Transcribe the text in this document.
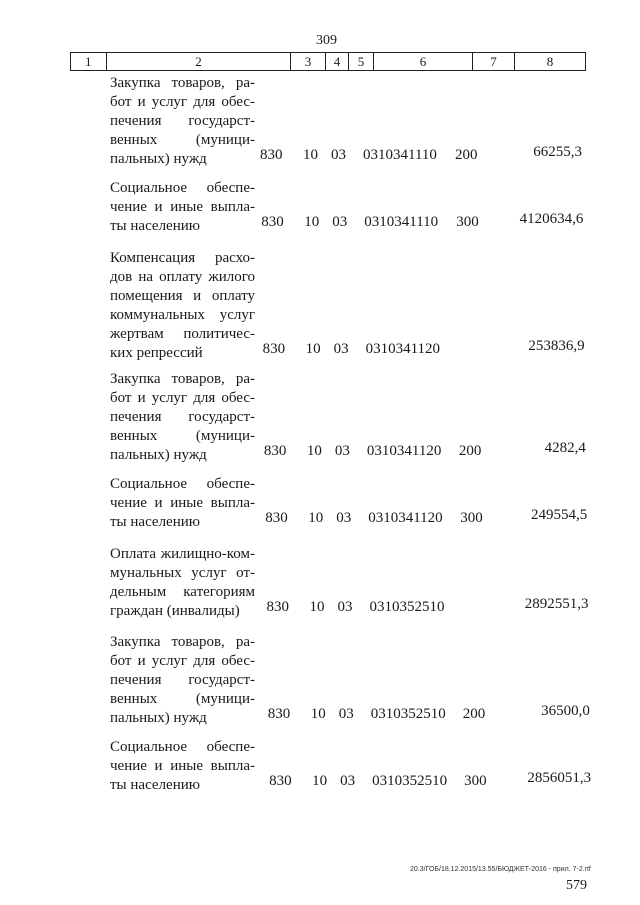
309
1	2	3	4	5	6	7	8
Закупка товаров, ра-
бот и услуг для обес-
печения государст-
венных (муници-
пальных) нужд	830 10 03 0310341110 200	66255,3
Социальное обеспе-
чение и иные выпла-
ты населению	830 10 03 0310341110 300	4120634,6
Компенсация расхо-
дов на оплату жилого
помещения и оплату
коммунальных услуг
жертвам политичес-
ких репрессий	830 10 03 0310341120	253836,9
Закупка товаров, ра-
бот и услуг для обес-
печения государст-
венных (муници-
пальных) нужд	830 10 03 0310341120 200	4282,4
Социальное обеспе-
чение и иные выпла-
ты населению	830 10 03 0310341120 300	249554,5
Оплата жилищно-ком-
мунальных услуг от-
дельным категориям
граждан (инвалиды)	830 10 03 0310352510	2892551,3
Закупка товаров, ра-
бот и услуг для обес-
печения государст-
венных (муници-
пальных) нужд	830 10 03 0310352510 200	36500,0
Социальное обеспе-
чение и иные выпла-
ты населению	830 10 03 0310352510 300	2856051,3
20.3/ГОБ/18.12.2015/13.55/БЮДЖЕТ-2016 - прил. 7-2.rtf
579
